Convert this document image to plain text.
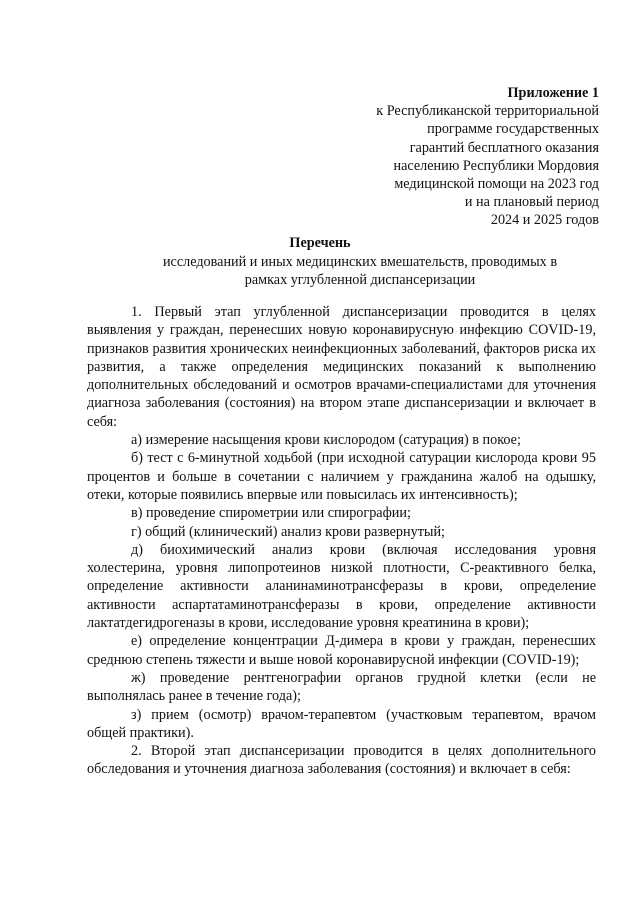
Приложение 1
к Республиканской территориальной
программе государственных
гарантий бесплатного оказания
населению Республики Мордовия
медицинской помощи на 2023 год
и на плановый период
2024 и 2025 годов
Перечень
исследований и иных медицинских вмешательств, проводимых в рамках углубленной диспансеризации

1. Первый этап углубленной диспансеризации проводится в целях выявления у граждан, перенесших новую коронавирусную инфекцию COVID-19, признаков развития хронических неинфекционных заболеваний, факторов риска их развития, а также определения медицинских показаний к выполнению дополнительных обследований и осмотров врачами-специалистами для уточнения диагноза заболевания (состояния) на втором этапе диспансеризации и включает в себя:

а) измерение насыщения крови кислородом (сатурация) в покое;

б) тест с 6-минутной ходьбой (при исходной сатурации кислорода крови 95 процентов и больше в сочетании с наличием у гражданина жалоб на одышку, отеки, которые появились впервые или повысилась их интенсивность);

в) проведение спирометрии или спирографии;

г) общий (клинический) анализ крови развернутый;

д) биохимический анализ крови (включая исследования уровня холестерина, уровня липопротеинов низкой плотности, С-реактивного белка, определение активности аланинаминотрансферазы в крови, определение активности аспартатаминотрансферазы в крови, определение активности лактатдегидрогеназы в крови, исследование уровня креатинина в крови);

е) определение концентрации Д-димера в крови у граждан, перенесших среднюю степень тяжести и выше новой коронавирусной инфекции (COVID-19);

ж) проведение рентгенографии органов грудной клетки (если не выполнялась ранее в течение года);

з) прием (осмотр) врачом-терапевтом (участковым терапевтом, врачом общей практики).

2. Второй этап диспансеризации проводится в целях дополнительного обследования и уточнения диагноза заболевания (состояния) и включает в себя:
